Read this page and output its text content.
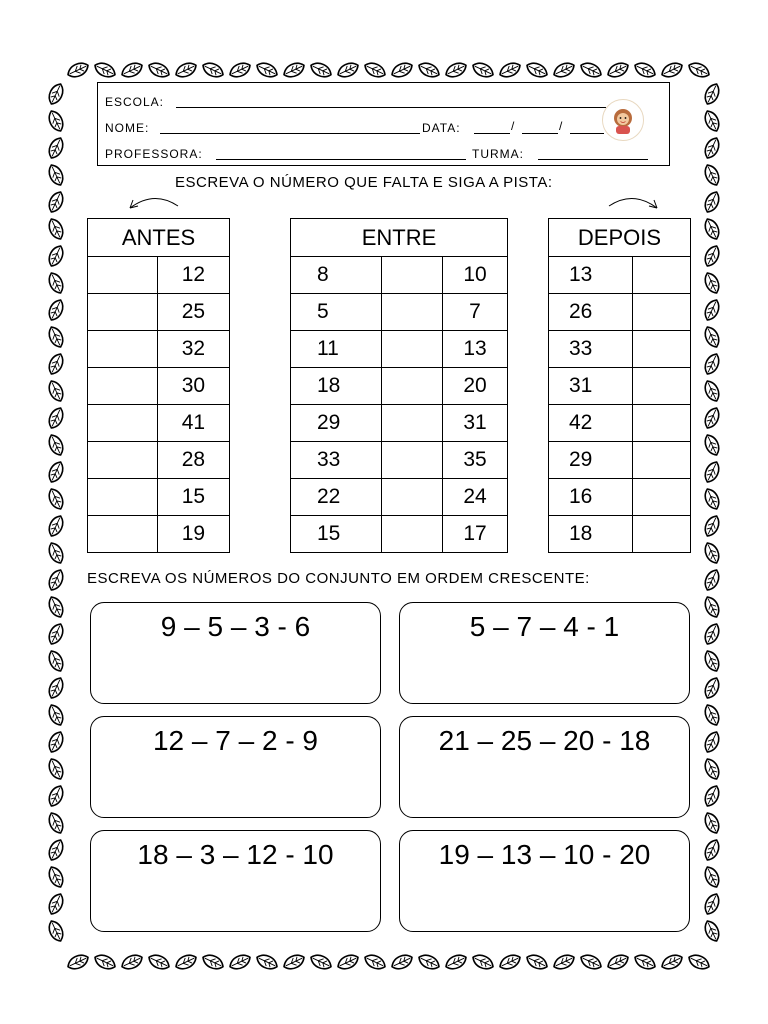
ESCOLA:
NOME:	DATA:	/	/
PROFESSORA:	TURMA:
ESCREVA O NÚMERO QUE FALTA E SIGA A PISTA:
ANTES	
	12
	25
	32
	30
	41
	28
	15
	19
ENTRE		
8		10
5		7
11		13
18		20
29		31
33		35
22		24
15		17
DEPOIS	
13	
26	
33	
31	
42	
29	
16	
18	
ESCREVA OS NÚMEROS DO CONJUNTO EM ORDEM CRESCENTE:
9 – 5 – 3 - 6	5 – 7 – 4 - 1
12 – 7 – 2 - 9	21 – 25 – 20 - 18
18 – 3 – 12 - 10	19 – 13 – 10 - 20
